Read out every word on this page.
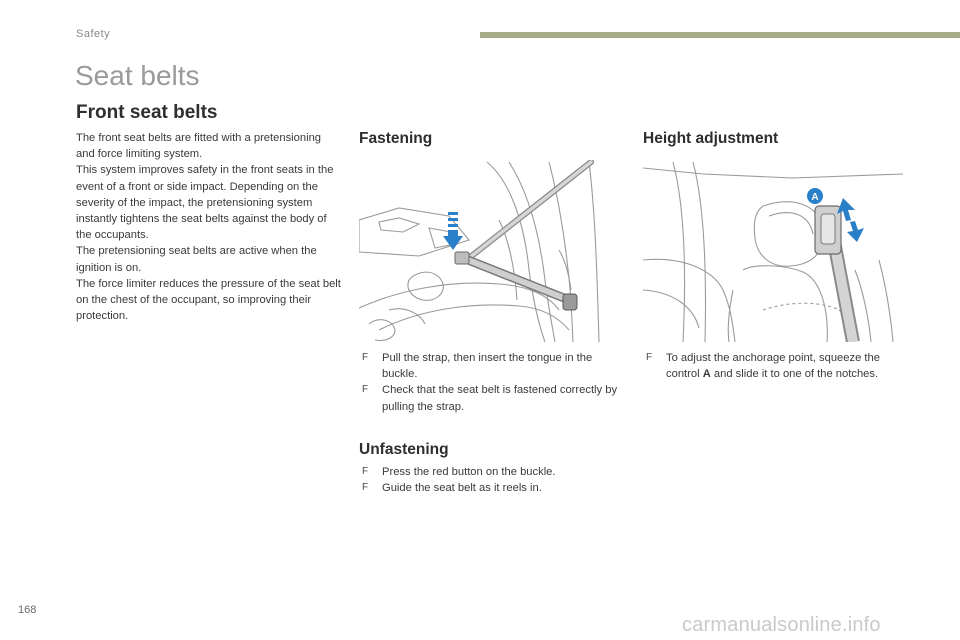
Safety
Seat belts
Front seat belts

The front seat belts are fitted with a pretensioning and force limiting system.

This system improves safety in the front seats in the event of a front or side impact. Depending on the severity of the impact, the pretensioning system instantly tightens the seat belts against the body of the occupants.

The pretensioning seat belts are active when the ignition is on.

The force limiter reduces the pressure of the seat belt on the chest of the occupant, so improving their protection.

Fastening
F Pull the strap, then insert the tongue in the buckle.
F Check that the seat belt is fastened correctly by pulling the strap.
Unfastening
F Press the red button on the buckle.
F Guide the seat belt as it reels in.
Height adjustment
A
F To adjust the anchorage point, squeeze the control A and slide it to one of the notches.
168
carmanualsonline.info
